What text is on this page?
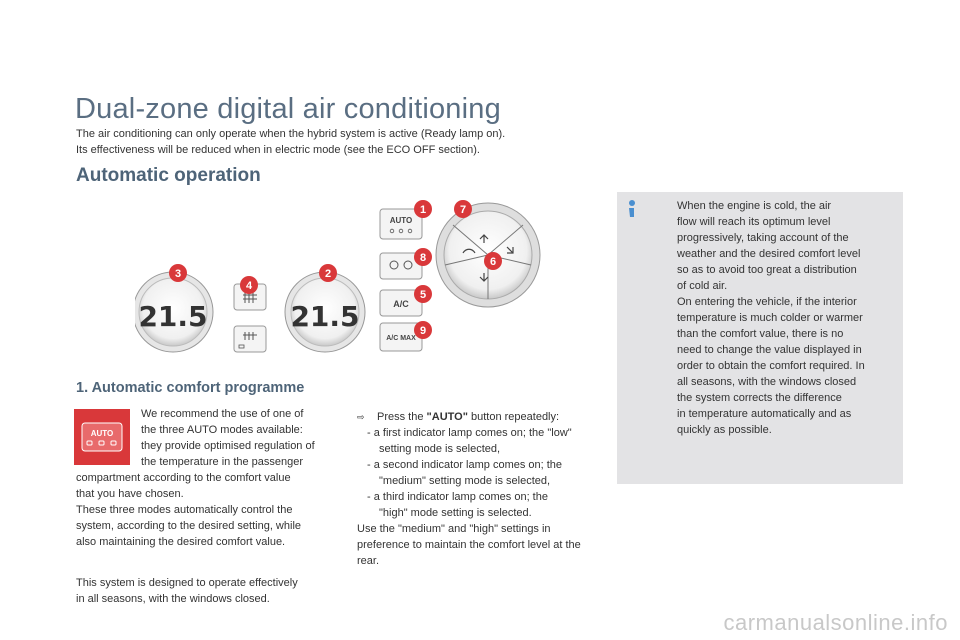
Dual-zone digital air conditioning
The air conditioning can only operate when the hybrid system is active (Ready lamp on).
Its effectiveness will be reduced when in electric mode (see the ECO OFF section).
Automatic operation
21.5	21.5
AUTO
A/C
A/C MAX
1	7
8	6
5
9
3
4
2
1. Automatic comfort programme
AUTO
We recommend the use of one of
the three AUTO modes available:
they provide optimised regulation of
the temperature in the passenger
compartment according to the comfort value
that you have chosen.
These three modes automatically control the
system, according to the desired setting, while
also maintaining the desired comfort value.
This system is designed to operate effectively
in all seasons, with the windows closed.
⇨ Press the "AUTO" button repeatedly:
- a first indicator lamp comes on; the "low"
setting mode is selected,
- a second indicator lamp comes on; the
"medium" setting mode is selected,
- a third indicator lamp comes on; the
"high" mode setting is selected.
Use the "medium" and "high" settings in
preference to maintain the comfort level at the
rear.
When the engine is cold, the air
flow will reach its optimum level
progressively, taking account of the
weather and the desired comfort level
so as to avoid too great a distribution
of cold air.
On entering the vehicle, if the interior
temperature is much colder or warmer
than the comfort value, there is no
need to change the value displayed in
order to obtain the comfort required. In
all seasons, with the windows closed
the system corrects the difference
in temperature automatically and as
quickly as possible.
carmanualsonline.info
